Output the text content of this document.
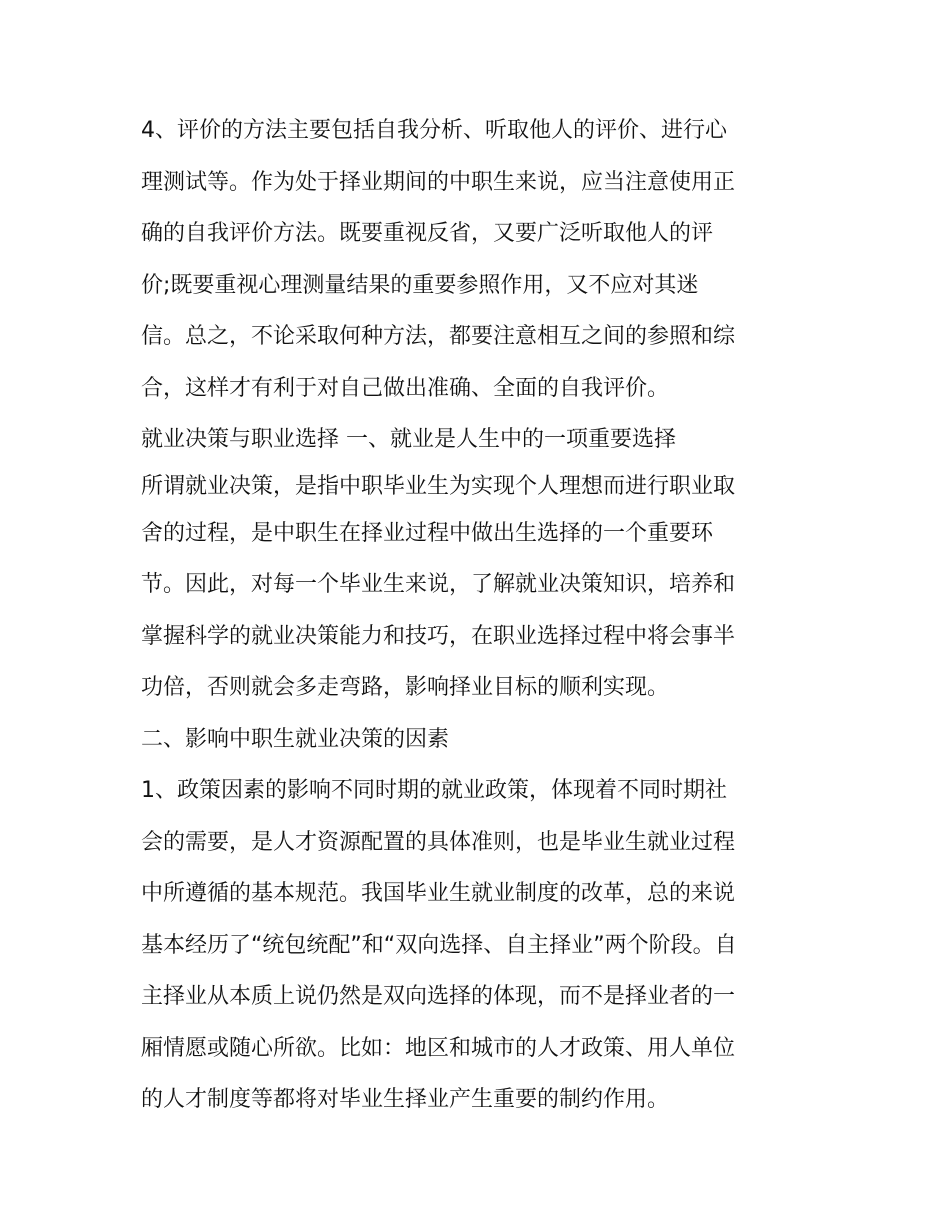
4、评价的方法主要包括自我分析、听取他人的评价、进行心
理测试等。作为处于择业期间的中职生来说，应当注意使用正
确的自我评价方法。既要重视反省，又要广泛听取他人的评
价;既要重视心理测量结果的重要参照作用，又不应对其迷
信。总之，不论采取何种方法，都要注意相互之间的参照和综
合，这样才有利于对自己做出准确、全面的自我评价。
就业决策与职业选择 一、就业是人生中的一项重要选择
所谓就业决策，是指中职毕业生为实现个人理想而进行职业取
舍的过程，是中职生在择业过程中做出生选择的一个重要环
节。因此，对每一个毕业生来说，了解就业决策知识，培养和
掌握科学的就业决策能力和技巧，在职业选择过程中将会事半
功倍，否则就会多走弯路，影响择业目标的顺利实现。
二、影响中职生就业决策的因素
1、政策因素的影响不同时期的就业政策，体现着不同时期社
会的需要，是人才资源配置的具体准则，也是毕业生就业过程
中所遵循的基本规范。我国毕业生就业制度的改革，总的来说
基本经历了“统包统配”和“双向选择、自主择业”两个阶段。自
主择业从本质上说仍然是双向选择的体现，而不是择业者的一
厢情愿或随心所欲。比如：地区和城市的人才政策、用人单位
的人才制度等都将对毕业生择业产生重要的制约作用。
